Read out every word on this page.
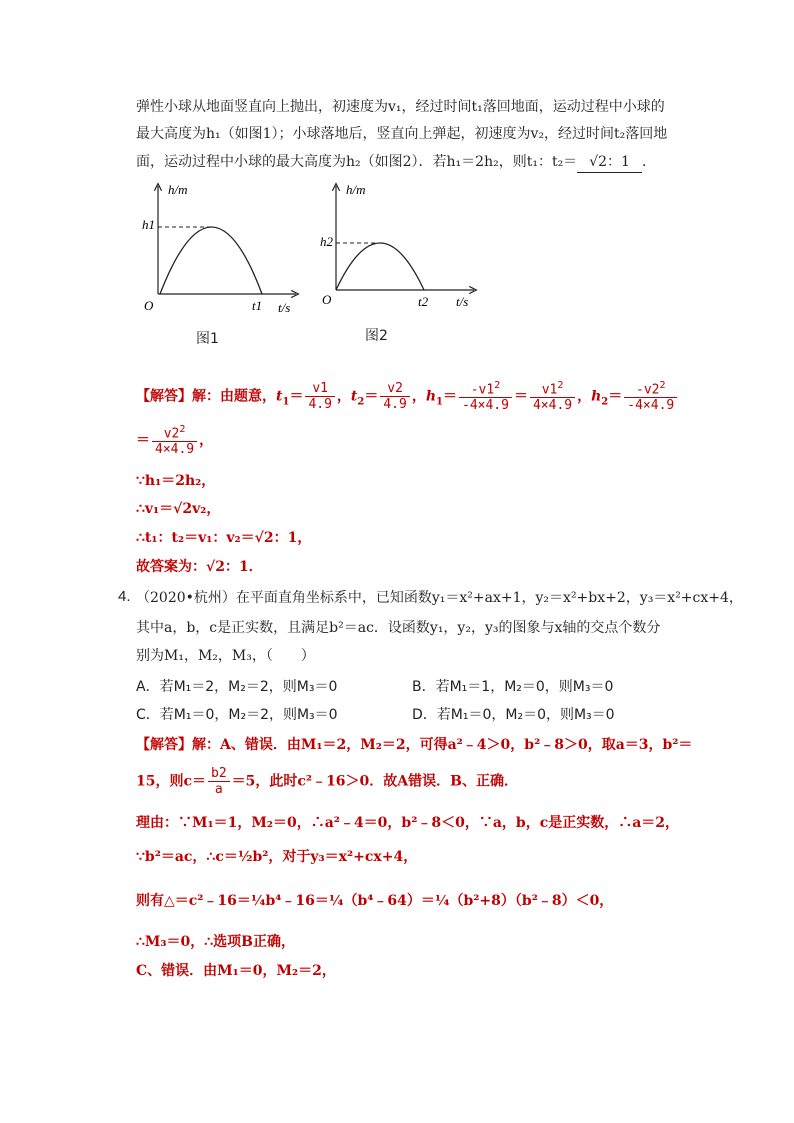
弹性小球从地面竖直向上抛出，初速度为v₁，经过时间t₁落回地面，运动过程中小球的
最大高度为h₁（如图1）；小球落地后，竖直向上弹起，初速度为v₂，经过时间t₂落回地
面，运动过程中小球的最大高度为h₂（如图2）．若h₁＝2h₂，则t₁：t₂＝ √2：1 ．
h/m
t/s
h1
O	t1
图1
h/m
t/s
h2
O	t2
图2
【解答】解：由题意，$t_1= \frac{v1}{4.9}$ ，$t_2= \frac{v2}{4.9}$ ，$h_1= \frac{-v1^2}{-4\times 4.9} = \frac{v1^2}{4\times 4.9}$ ，$h_2= \frac{-v2^2}{-4\times 4.9}$
＝ $\frac{v2^2}{4\times 4.9}$ ，
∵h₁＝2h₂，
∴v₁＝√2v₂，
∴t₁：t₂＝v₁：v₂＝√2：1，
故答案为：√2：1．
4. （2020•杭州）在平面直角坐标系中，已知函数y₁＝x²+ax+1，y₂＝x²+bx+2，y₃＝x²+cx+4，
其中a，b，c是正实数，且满足b²＝ac．设函数y₁，y₂，y₃的图象与x轴的交点个数分
别为M₁，M₂，M₃，（　　）
A．若M₁＝2，M₂＝2，则M₃＝0	B．若M₁＝1，M₂＝0，则M₃＝0
C．若M₁＝0，M₂＝2，则M₃＝0	D．若M₁＝0，M₂＝0，则M₃＝0
【解答】解：A、错误．由M₁＝2，M₂＝2，可得a²﹣4＞0，b²﹣8＞0，取a＝3，b²＝
15，则$c= \frac{b2}{a} =5$，此时c²﹣16＞0．故A错误．B、正确．
理由：∵M₁＝1，M₂＝0，∴a²﹣4＝0，b²﹣8＜0，∵a，b，c是正实数，∴a＝2，
∵b²＝ac，∴c＝½b²，对于y₃＝x²+cx+4，
则有△＝c²﹣16＝¼b⁴﹣16＝¼（b⁴﹣64）＝¼（b²+8）（b²﹣8）＜0，
∴M₃＝0，∴选项B正确，
C、错误．由M₁＝0，M₂＝2，
